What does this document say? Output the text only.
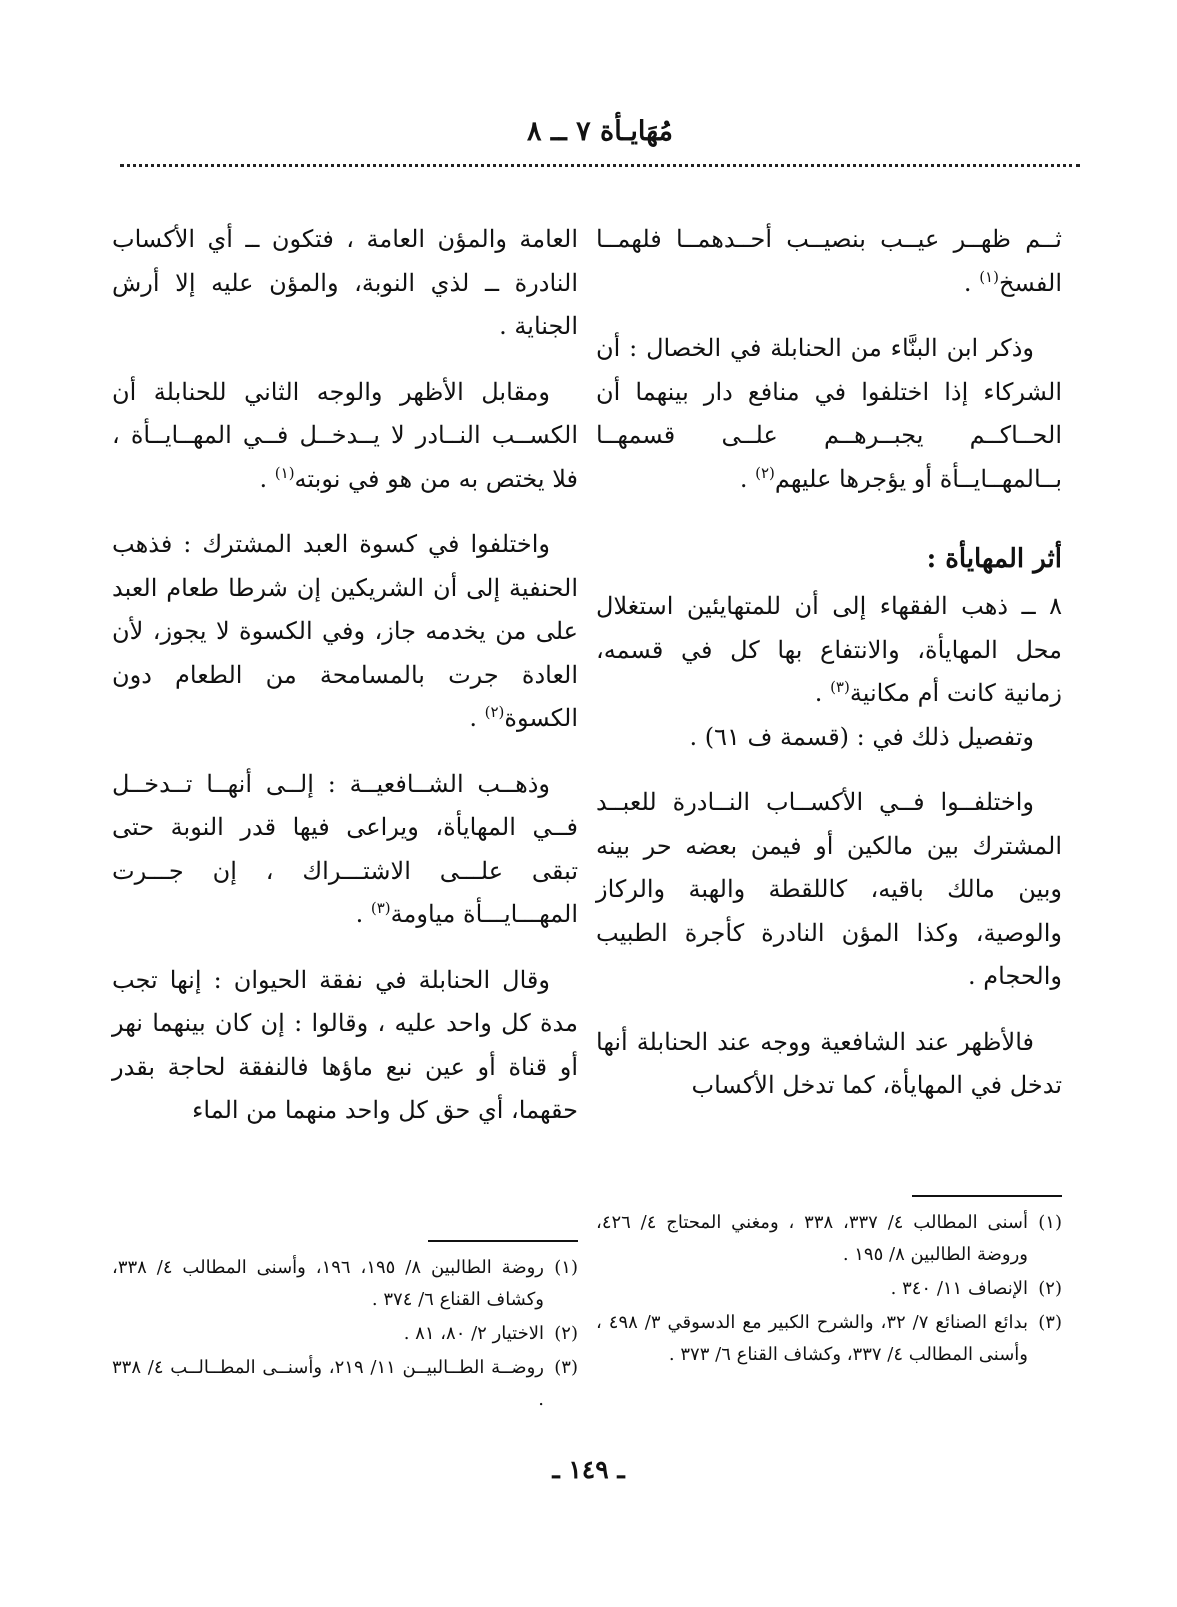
مُهَايـأة ٧ ــ ٨

ثــم ظهــر عيــب بنصيــب أحــدهمــا فلهمــا الفسخ$^{(١)}$ .

وذكر ابن البنَّاء من الحنابلة في الخصال : أن الشركاء إذا اختلفوا في منافع دار بينهما أن الحــاكــم يجبــرهــم علــى قسمهــا بــالمهــايــأة أو يؤجرها عليهم$^{(٢)}$ .

أثر المهايأة :

٨ ــ ذهب الفقهاء إلى أن للمتهايئين استغلال محل المهايأة، والانتفاع بها كل في قسمه، زمانية كانت أم مكانية$^{(٣)}$ .

وتفصيل ذلك في : (قسمة ف ٦١) .

واختلفــوا فــي الأكســاب النــادرة للعبــد المشترك بين مالكين أو فيمن بعضه حر بينه وبين مالك باقيه، كاللقطة والهبة والركاز والوصية، وكذا المؤن النادرة كأجرة الطبيب والحجام .

فالأظهر عند الشافعية ووجه عند الحنابلة أنها تدخل في المهايأة، كما تدخل الأكساب

العامة والمؤن العامة ، فتكون ــ أي الأكساب النادرة ــ لذي النوبة، والمؤن عليه إلا أرش الجناية .

ومقابل الأظهر والوجه الثاني للحنابلة أن الكســب النــادر لا يــدخــل فــي المهــايــأة ، فلا يختص به من هو في نوبته$^{(١)}$ .

واختلفوا في كسوة العبد المشترك : فذهب الحنفية إلى أن الشريكين إن شرطا طعام العبد على من يخدمه جاز، وفي الكسوة لا يجوز، لأن العادة جرت بالمسامحة من الطعام دون الكسوة$^{(٢)}$ .

وذهــب الشــافعيــة : إلــى أنهــا تــدخــل فــي المهايأة، ويراعى فيها قدر النوبة حتى تبقى علـــى الاشتـــراك ، إن جـــرت المهـــايـــأة مياومة$^{(٣)}$ .

وقال الحنابلة في نفقة الحيوان : إنها تجب مدة كل واحد عليه ، وقالوا : إن كان بينهما نهر أو قناة أو عين نبع ماؤها فالنفقة لحاجة بقدر حقهما، أي حق كل واحد منهما من الماء

(١)
أسنى المطالب ٤/ ٣٣٧، ٣٣٨ ، ومغني المحتاج ٤/ ٤٢٦، وروضة الطالبين ٨/ ١٩٥ .
(٢)
الإنصاف ١١/ ٣٤٠ .
(٣)
بدائع الصنائع ٧/ ٣٢، والشرح الكبير مع الدسوقي ٣/ ٤٩٨ ، وأسنى المطالب ٤/ ٣٣٧، وكشاف القناع ٦/ ٣٧٣ .
(١)
روضة الطالبين ٨/ ١٩٥، ١٩٦، وأسنى المطالب ٤/ ٣٣٨، وكشاف القناع ٦/ ٣٧٤ .
(٢)
الاختيار ٢/ ٨٠، ٨١ .
(٣)
روضــة الطــالبيــن ١١/ ٢١٩، وأسنــى المطــالــب ٤/ ٣٣٨ .
ـ ١٤٩ ـ
